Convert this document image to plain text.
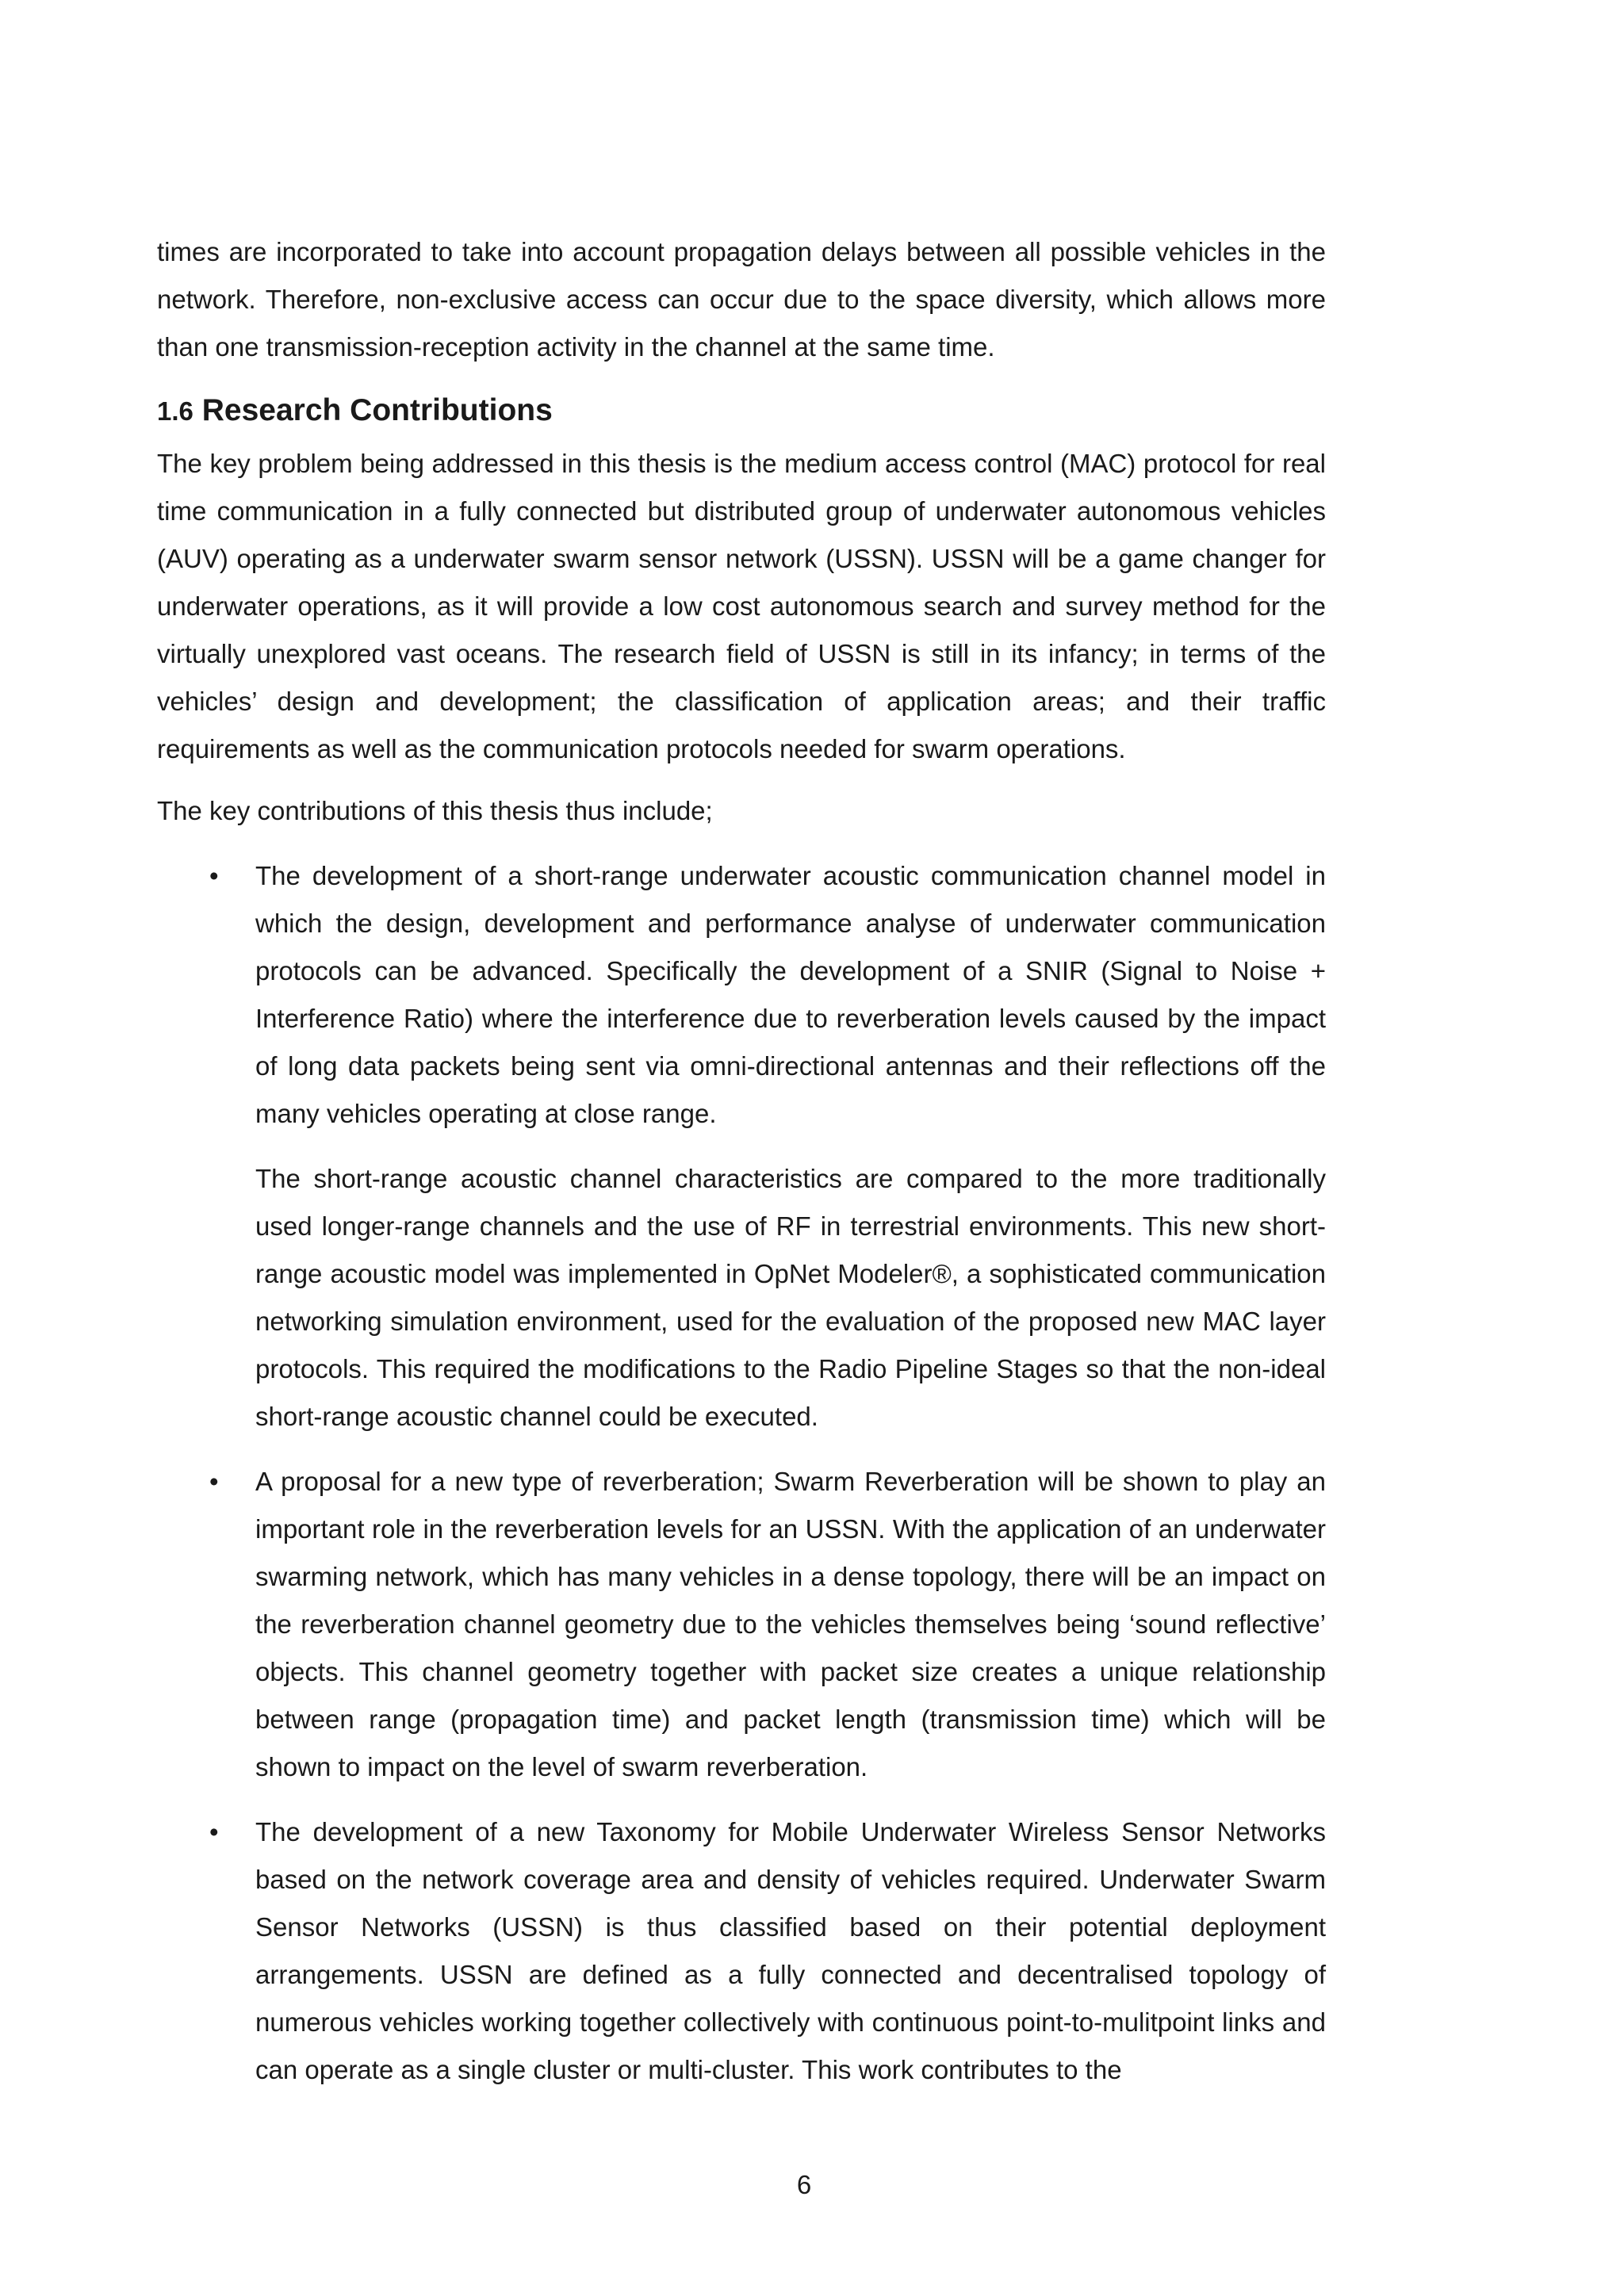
times are incorporated to take into account propagation delays between all possible vehicles in the network. Therefore, non-exclusive access can occur due to the space diversity, which allows more than one transmission-reception activity in the channel at the same time.

1.6 Research Contributions

The key problem being addressed in this thesis is the medium access control (MAC) protocol for real time communication in a fully connected but distributed group of underwater autonomous vehicles (AUV) operating as a underwater swarm sensor network (USSN). USSN will be a game changer for underwater operations, as it will provide a low cost autonomous search and survey method for the virtually unexplored vast oceans. The research field of USSN is still in its infancy; in terms of the vehicles’ design and development; the classification of application areas; and their traffic requirements as well as the communication protocols needed for swarm operations.

The key contributions of this thesis thus include;

• The development of a short-range underwater acoustic communication channel model in which the design, development and performance analyse of underwater communication protocols can be advanced. Specifically the development of a SNIR (Signal to Noise + Interference Ratio) where the interference due to reverberation levels caused by the impact of long data packets being sent via omni-directional antennas and their reflections off the many vehicles operating at close range.

The short-range acoustic channel characteristics are compared to the more traditionally used longer-range channels and the use of RF in terrestrial environments. This new short-range acoustic model was implemented in OpNet Modeler®, a sophisticated communication networking simulation environment, used for the evaluation of the proposed new MAC layer protocols. This required the modifications to the Radio Pipeline Stages so that the non-ideal short-range acoustic channel could be executed.

• A proposal for a new type of reverberation; Swarm Reverberation will be shown to play an important role in the reverberation levels for an USSN. With the application of an underwater swarming network, which has many vehicles in a dense topology, there will be an impact on the reverberation channel geometry due to the vehicles themselves being ‘sound reflective’ objects. This channel geometry together with packet size creates a unique relationship between range (propagation time) and packet length (transmission time) which will be shown to impact on the level of swarm reverberation.

• The development of a new Taxonomy for Mobile Underwater Wireless Sensor Networks based on the network coverage area and density of vehicles required. Underwater Swarm Sensor Networks (USSN) is thus classified based on their potential deployment arrangements. USSN are defined as a fully connected and decentralised topology of numerous vehicles working together collectively with continuous point-to-mulitpoint links and can operate as a single cluster or multi-cluster. This work contributes to the

6
